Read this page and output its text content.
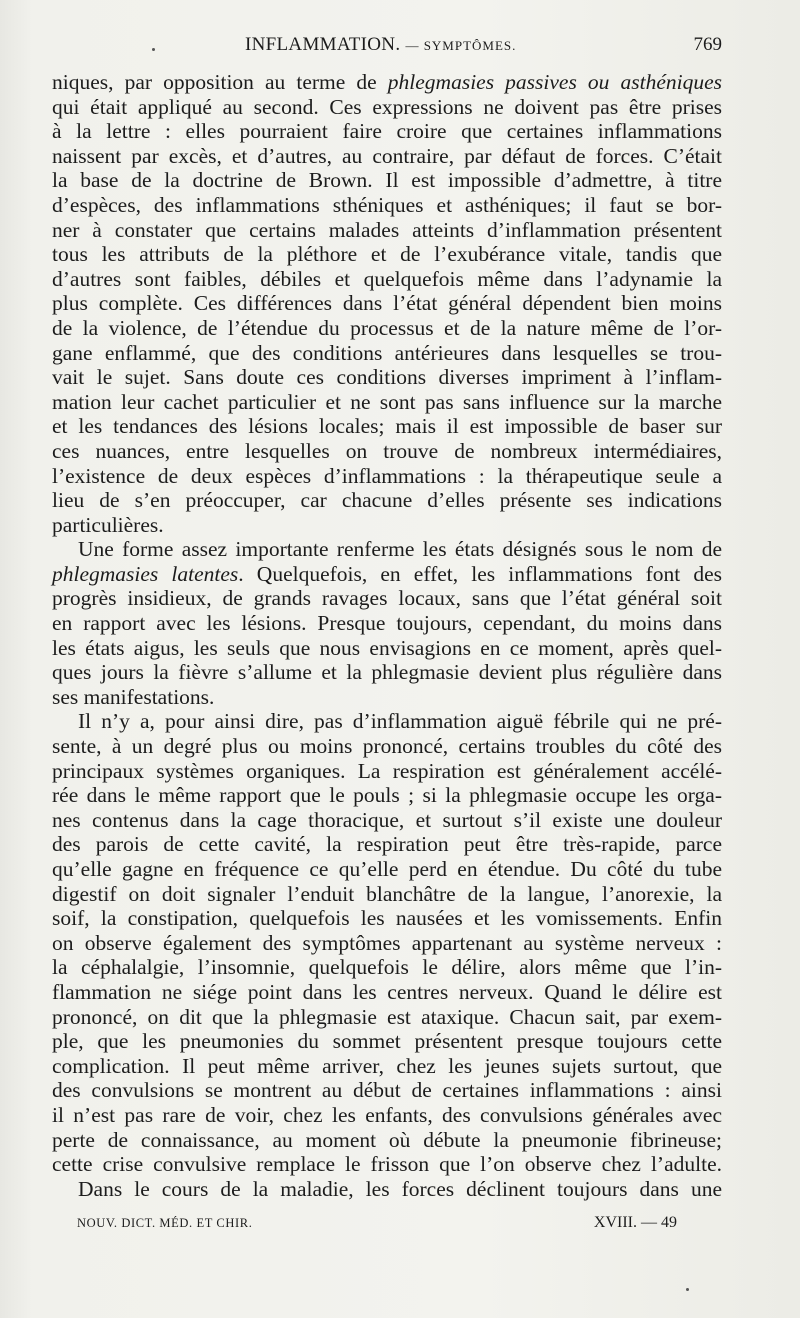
INFLAMMATION. — SYMPTÔMES.	769
niques, par opposition au terme de phlegmasies passives ou asthéniques
qui était appliqué au second. Ces expressions ne doivent pas être prises
à la lettre : elles pourraient faire croire que certaines inflammations
naissent par excès, et d’autres, au contraire, par défaut de forces. C’était
la base de la doctrine de Brown. Il est impossible d’admettre, à titre
d’espèces, des inflammations sthéniques et asthéniques; il faut se bor-
ner à constater que certains malades atteints d’inflammation présentent
tous les attributs de la pléthore et de l’exubérance vitale, tandis que
d’autres sont faibles, débiles et quelquefois même dans l’adynamie la
plus complète. Ces différences dans l’état général dépendent bien moins
de la violence, de l’étendue du processus et de la nature même de l’or-
gane enflammé, que des conditions antérieures dans lesquelles se trou-
vait le sujet. Sans doute ces conditions diverses impriment à l’inflam-
mation leur cachet particulier et ne sont pas sans influence sur la marche
et les tendances des lésions locales; mais il est impossible de baser sur
ces nuances, entre lesquelles on trouve de nombreux intermédiaires,
l’existence de deux espèces d’inflammations : la thérapeutique seule a
lieu de s’en préoccuper, car chacune d’elles présente ses indications
particulières.
Une forme assez importante renferme les états désignés sous le nom de
phlegmasies latentes. Quelquefois, en effet, les inflammations font des
progrès insidieux, de grands ravages locaux, sans que l’état général soit
en rapport avec les lésions. Presque toujours, cependant, du moins dans
les états aigus, les seuls que nous envisagions en ce moment, après quel-
ques jours la fièvre s’allume et la phlegmasie devient plus régulière dans
ses manifestations.
Il n’y a, pour ainsi dire, pas d’inflammation aiguë fébrile qui ne pré-
sente, à un degré plus ou moins prononcé, certains troubles du côté des
principaux systèmes organiques. La respiration est généralement accélé-
rée dans le même rapport que le pouls ; si la phlegmasie occupe les orga-
nes contenus dans la cage thoracique, et surtout s’il existe une douleur
des parois de cette cavité, la respiration peut être très-rapide, parce
qu’elle gagne en fréquence ce qu’elle perd en étendue. Du côté du tube
digestif on doit signaler l’enduit blanchâtre de la langue, l’anorexie, la
soif, la constipation, quelquefois les nausées et les vomissements. Enfin
on observe également des symptômes appartenant au système nerveux :
la céphalalgie, l’insomnie, quelquefois le délire, alors même que l’in-
flammation ne siége point dans les centres nerveux. Quand le délire est
prononcé, on dit que la phlegmasie est ataxique. Chacun sait, par exem-
ple, que les pneumonies du sommet présentent presque toujours cette
complication. Il peut même arriver, chez les jeunes sujets surtout, que
des convulsions se montrent au début de certaines inflammations : ainsi
il n’est pas rare de voir, chez les enfants, des convulsions générales avec
perte de connaissance, au moment où débute la pneumonie fibrineuse;
cette crise convulsive remplace le frisson que l’on observe chez l’adulte.
Dans le cours de la maladie, les forces déclinent toujours dans une
NOUV. DICT. MÉD. ET CHIR.	XVIII. — 49
